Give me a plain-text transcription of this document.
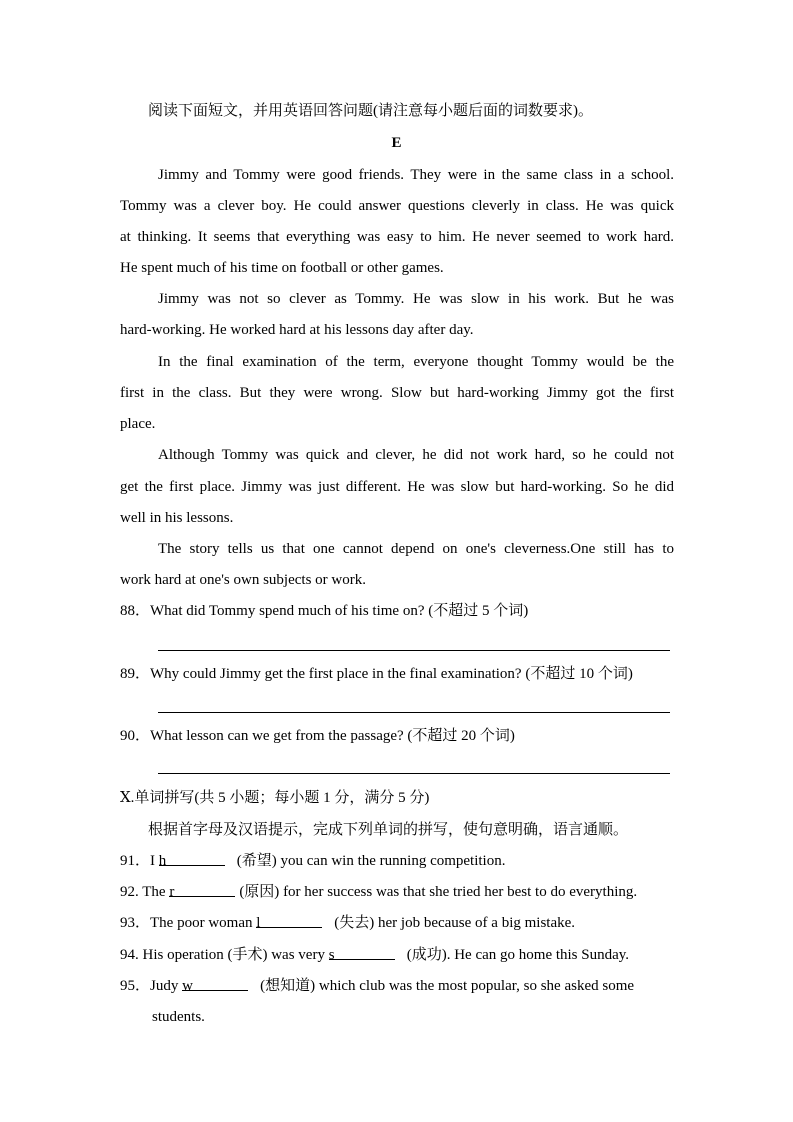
阅读下面短文，并用英语回答问题(请注意每小题后面的词数要求)。
E
Jimmy and Tommy were good friends. They were in the same class in a school.
Tommy was a clever boy. He could answer questions cleverly in class. He was quick
at thinking. It seems that everything was easy to him. He never seemed to work hard.
He spent much of his time on football or other games.
Jimmy was not so clever as Tommy. He was slow in his work. But he was
hard-working. He worked hard at his lessons day after day.
In the final examination of the term, everyone thought Tommy would be the
first in the class. But they were wrong. Slow but hard-working Jimmy got the first
place.
Although Tommy was quick and clever, he did not work hard, so he could not
get the first place. Jimmy was just different. He was slow but hard-working. So he did
well in his lessons.
The story tells us that one cannot depend on one's cleverness.One still has to
work hard at one's own subjects or work.
88．What did Tommy spend much of his time on? (不超过 5 个词)
89．Why could Jimmy get the first place in the final examination? (不超过 10 个词)
90．What lesson can we get from the passage? (不超过 20 个词)
Ⅹ.单词拼写(共 5 小题；每小题 1 分，满分 5 分)
根据首字母及汉语提示，完成下列单词的拼写，使句意明确，语言通顺。
91．I h	(希望) you can win the running competition.
92. The r	(原因) for her success was that she tried her best to do everything.
93．The poor woman l	(失去) her job because of a big mistake.
94. His operation (手术) was very s	(成功). He can go home this Sunday.
95．Judy w	(想知道) which club was the most popular, so she asked some
students.
